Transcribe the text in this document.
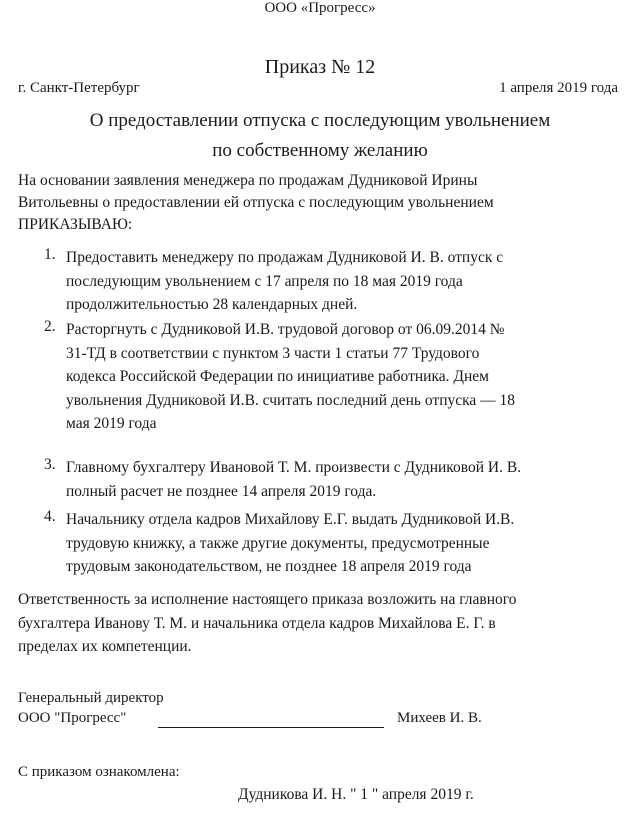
ООО «Прогресс»
Приказ № 12
г. Санкт-Петербург	1 апреля 2019 года
О предоставлении отпуска с последующим увольнением
по собственному желанию
На основании заявления менеджера по продажам Дудниковой Ирины
Витольевны о предоставлении ей отпуска с последующим увольнением
ПРИКАЗЫВАЮ:
1. Предоставить менеджеру по продажам Дудниковой И. В. отпуск с
последующим увольнением с 17 апреля по 18 мая 2019 года
продолжительностью 28 календарных дней.
2. Расторгнуть с Дудниковой И.В. трудовой договор от 06.09.2014 №
31-ТД в соответствии с пунктом 3 части 1 статьи 77 Трудового
кодекса Российской Федерации по инициативе работника. Днем
увольнения Дудниковой И.В. считать последний день отпуска — 18
мая 2019 года
3. Главному бухгалтеру Ивановой Т. М. произвести с Дудниковой И. В.
полный расчет не позднее 14 апреля 2019 года.
4. Начальнику отдела кадров Михайлову Е.Г. выдать Дудниковой И.В.
трудовую книжку, а также другие документы, предусмотренные
трудовым законодательством, не позднее 18 апреля 2019 года
Ответственность за исполнение настоящего приказа возложить на главного
бухгалтера Иванову Т. М. и начальника отдела кадров Михайлова Е. Г. в
пределах их компетенции.
Генеральный директор
ООО "Прогресс"	Михеев И. В.
С приказом ознакомлена:
Дудникова И. Н. " 1 " апреля 2019 г.
